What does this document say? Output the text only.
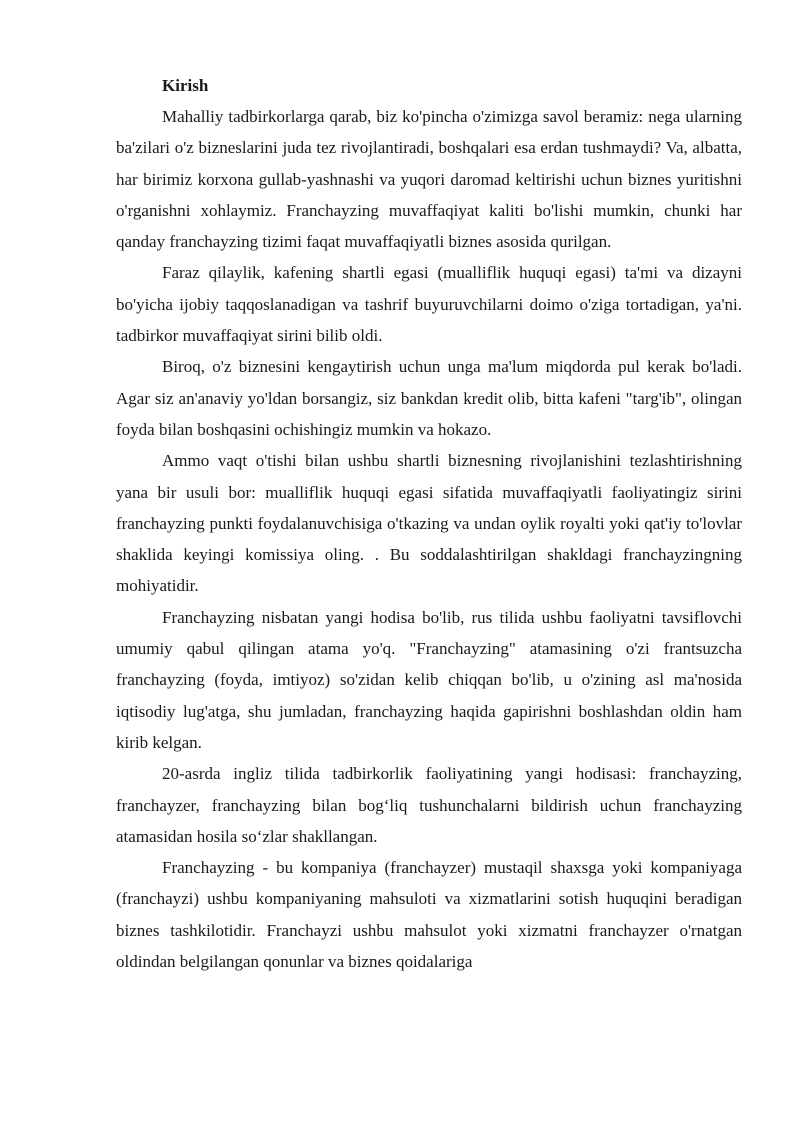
Kirish

Mahalliy tadbirkorlarga qarab, biz ko'pincha o'zimizga savol beramiz: nega ularning ba'zilari o'z bizneslarini juda tez rivojlantiradi, boshqalari esa erdan tushmaydi? Va, albatta, har birimiz korxona gullab-yashnashi va yuqori daromad keltirishi uchun biznes yuritishni o'rganishni xohlaymiz. Franchayzing muvaffaqiyat kaliti bo'lishi mumkin, chunki har qanday franchayzing tizimi faqat muvaffaqiyatli biznes asosida qurilgan.

Faraz qilaylik, kafening shartli egasi (mualliflik huquqi egasi) ta'mi va dizayni bo'yicha ijobiy taqqoslanadigan va tashrif buyuruvchilarni doimo o'ziga tortadigan, ya'ni. tadbirkor muvaffaqiyat sirini bilib oldi.

Biroq, o'z biznesini kengaytirish uchun unga ma'lum miqdorda pul kerak bo'ladi. Agar siz an'anaviy yo'ldan borsangiz, siz bankdan kredit olib, bitta kafeni "targ'ib", olingan foyda bilan boshqasini ochishingiz mumkin va hokazo.

Ammo vaqt o'tishi bilan ushbu shartli biznesning rivojlanishini tezlashtirishning yana bir usuli bor: mualliflik huquqi egasi sifatida muvaffaqiyatli faoliyatingiz sirini franchayzing punkti foydalanuvchisiga o'tkazing va undan oylik royalti yoki qat'iy to'lovlar shaklida keyingi komissiya oling. . Bu soddalashtirilgan shakldagi franchayzingning mohiyatidir.

Franchayzing nisbatan yangi hodisa bo'lib, rus tilida ushbu faoliyatni tavsiflovchi umumiy qabul qilingan atama yo'q. "Franchayzing" atamasining o'zi frantsuzcha franchayzing (foyda, imtiyoz) so'zidan kelib chiqqan bo'lib, u o'zining asl ma'nosida iqtisodiy lug'atga, shu jumladan, franchayzing haqida gapirishni boshlashdan oldin ham kirib kelgan.

20-asrda ingliz tilida tadbirkorlik faoliyatining yangi hodisasi: franchayzing, franchayzer, franchayzing bilan bog‘liq tushunchalarni bildirish uchun franchayzing atamasidan hosila so‘zlar shakllangan.

Franchayzing - bu kompaniya (franchayzer) mustaqil shaxsga yoki kompaniyaga (franchayzi) ushbu kompaniyaning mahsuloti va xizmatlarini sotish huquqini beradigan biznes tashkilotidir. Franchayzi ushbu mahsulot yoki xizmatni franchayzer o'rnatgan oldindan belgilangan qonunlar va biznes qoidalariga
